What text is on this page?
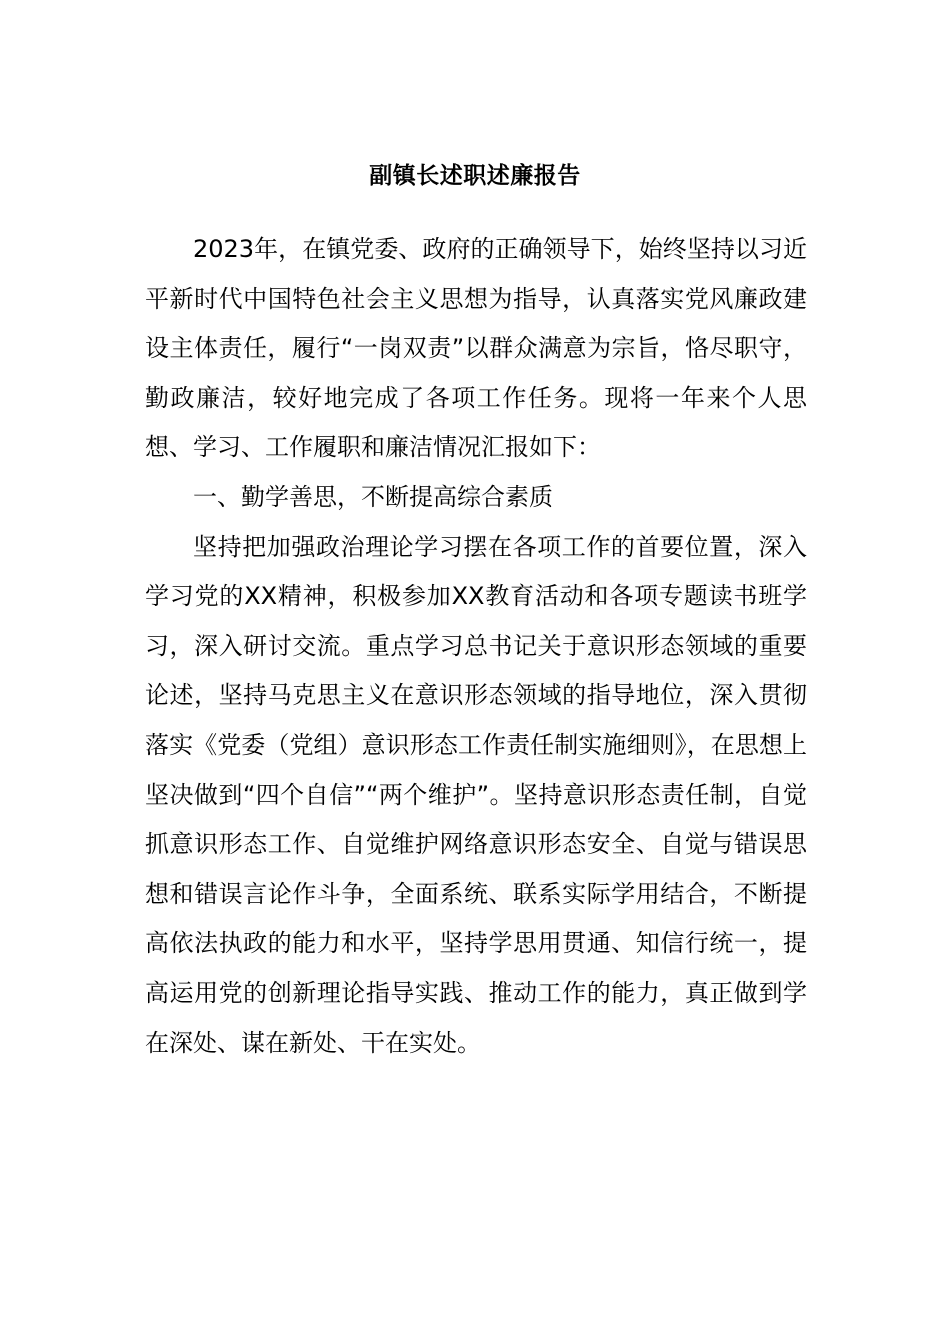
副镇长述职述廉报告

2023年，在镇党委、政府的正确领导下，始终坚持以习近平新时代中国特色社会主义思想为指导，认真落实党风廉政建设主体责任，履行“一岗双责”以群众满意为宗旨，恪尽职守，勤政廉洁，较好地完成了各项工作任务。现将一年来个人思想、学习、工作履职和廉洁情况汇报如下：

一、勤学善思，不断提高综合素质

坚持把加强政治理论学习摆在各项工作的首要位置，深入学习党的XX精神，积极参加XX教育活动和各项专题读书班学习，深入研讨交流。重点学习总书记关于意识形态领域的重要论述，坚持马克思主义在意识形态领域的指导地位，深入贯彻落实《党委（党组）意识形态工作责任制实施细则》，在思想上坚决做到“四个自信”“两个维护”。坚持意识形态责任制，自觉抓意识形态工作、自觉维护网络意识形态安全、自觉与错误思想和错误言论作斗争，全面系统、联系实际学用结合，不断提高依法执政的能力和水平，坚持学思用贯通、知信行统一，提高运用党的创新理论指导实践、推动工作的能力，真正做到学在深处、谋在新处、干在实处。
